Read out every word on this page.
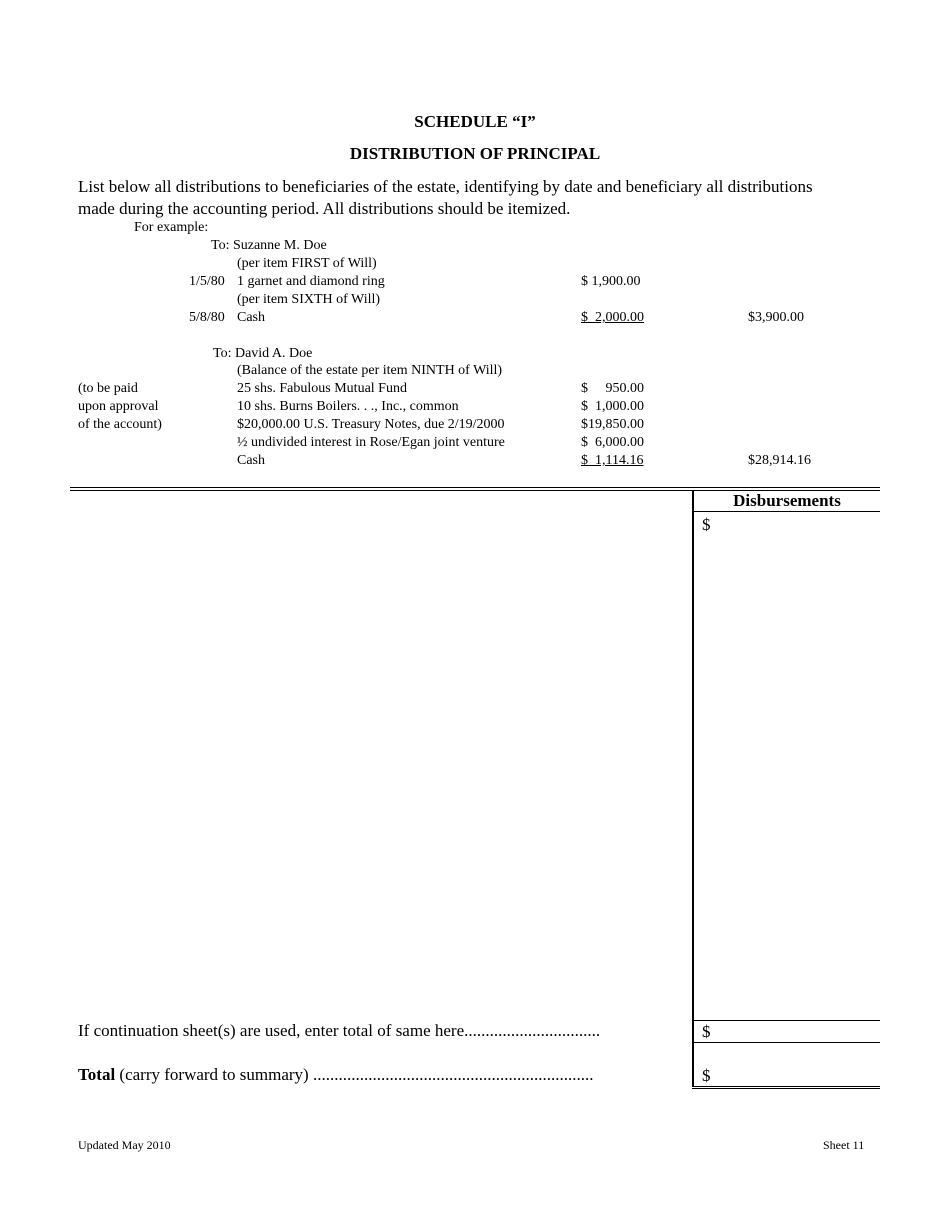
SCHEDULE “I”
DISTRIBUTION OF PRINCIPAL
List below all distributions to beneficiaries of the estate, identifying by date and beneficiary all distributions made during the accounting period. All distributions should be itemized.
For example:
To: Suzanne M. Doe
(per item FIRST of Will)
1/5/80 1 garnet and diamond ring	$ 1,900.00
(per item SIXTH of Will)
5/8/80 Cash	$  2,000.00	$3,900.00
To: David A. Doe
(Balance of the estate per item NINTH of Will)
(to be paid
upon approval
of the account)
25 shs. Fabulous Mutual Fund	$     950.00
10 shs. Burns Boilers. . ., Inc., common	$  1,000.00
$20,000.00 U.S. Treasury Notes, due 2/19/2000	$19,850.00
½ undivided interest in Rose/Egan joint venture	$  6,000.00
Cash	$  1,114.16	$28,914.16
Disbursements
$
If continuation sheet(s) are used, enter total of same here................................	$
Total (carry forward to summary) ..................................................................	$
Updated May 2010	Sheet 11
